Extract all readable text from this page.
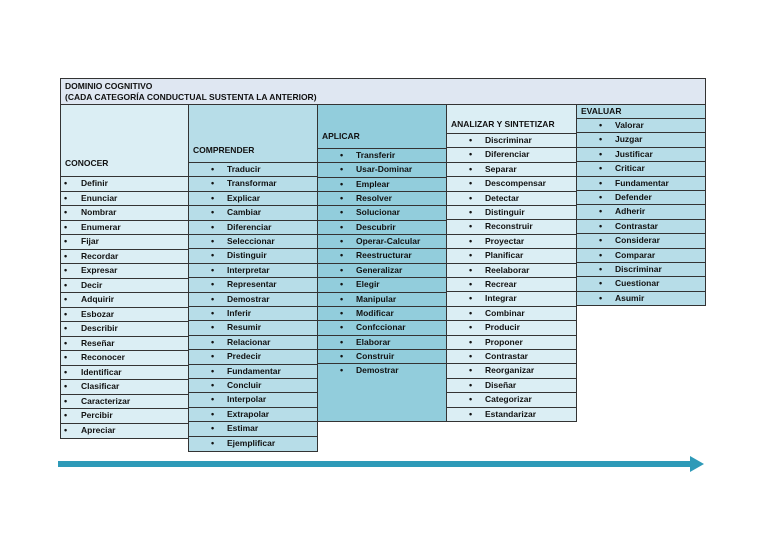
DOMINIO COGNITIVO
(CADA CATEGORÍA CONDUCTUAL SUSTENTA LA ANTERIOR)
CONOCER
• Definir
• Enunciar
• Nombrar
• Enumerar
• Fijar
• Recordar
• Expresar
• Decir
• Adquirir
• Esbozar
• Describir
• Reseñar
• Reconocer
• Identificar
• Clasificar
• Caracterizar
• Percibir
• Apreciar
COMPRENDER
• Traducir
• Transformar
• Explicar
• Cambiar
• Diferenciar
• Seleccionar
• Distinguir
• Interpretar
• Representar
• Demostrar
• Inferir
• Resumir
• Relacionar
• Predecir
• Fundamentar
• Concluir
• Interpolar
• Extrapolar
• Estimar
• Ejemplificar
APLICAR
• Transferir
• Usar-Dominar
• Emplear
• Resolver
• Solucionar
• Descubrir
• Operar-Calcular
• Reestructurar
• Generalizar
• Elegir
• Manipular
• Modificar
• Confccionar
• Elaborar
• Construir
• Demostrar
ANALIZAR Y SINTETIZAR
• Discriminar
• Diferenciar
• Separar
• Descompensar
• Detectar
• Distinguir
• Reconstruir
• Proyectar
• Planificar
• Reelaborar
• Recrear
• Integrar
• Combinar
• Producir
• Proponer
• Contrastar
• Reorganizar
• Diseñar
• Categorizar
• Estandarizar
EVALUAR
• Valorar
• Juzgar
• Justificar
• Criticar
• Fundamentar
• Defender
• Adherir
• Contrastar
• Considerar
• Comparar
• Discriminar
• Cuestionar
• Asumir
